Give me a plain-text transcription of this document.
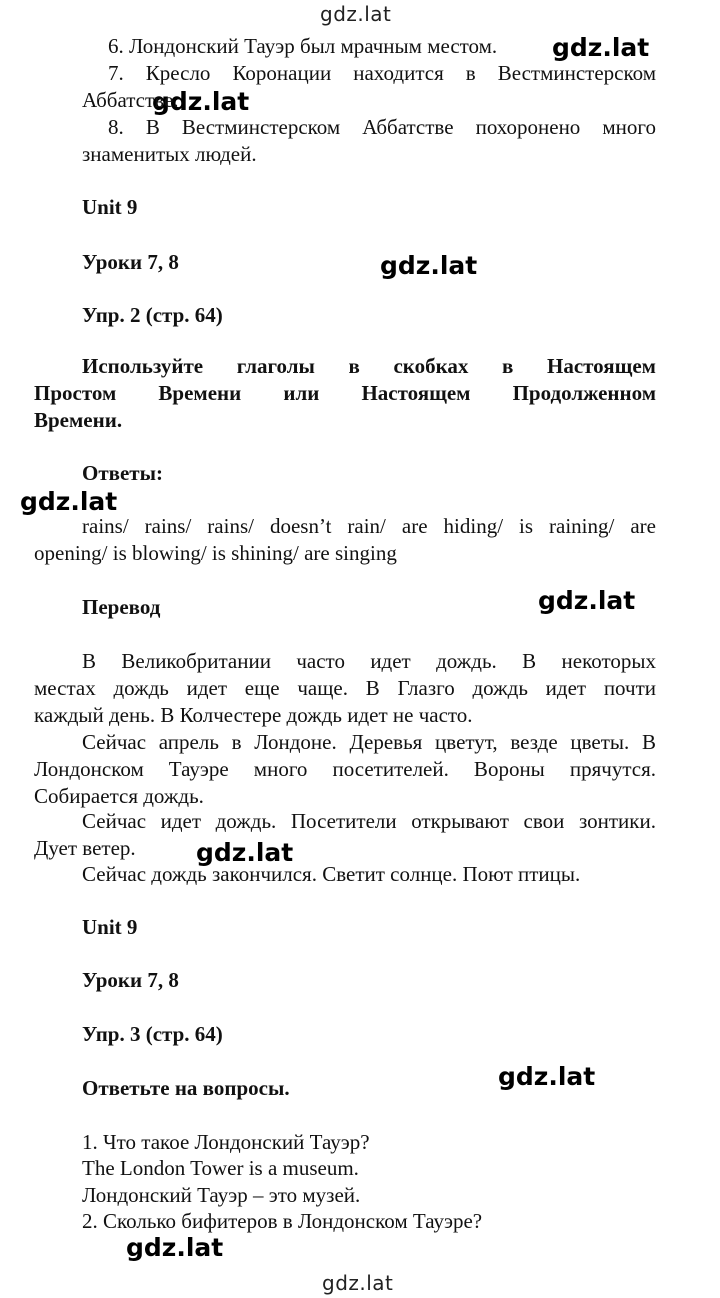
gdz.lat
gdz.lat
gdz.lat
gdz.lat
gdz.lat
gdz.lat
gdz.lat
gdz.lat
gdz.lat
gdz.lat
6. Лондонский Тауэр был мрачным местом.
7. Кресло Коронации находится в Вестминстерском
Аббатстве.
8. В Вестминстерском Аббатстве похоронено много
знаменитых людей.
Unit 9
Уроки 7, 8
Упр. 2 (стр. 64)
Используйте глаголы в скобках в Настоящем
Простом Времени или Настоящем Продолженном
Времени.
Ответы:
rains/ rains/ rains/ doesn’t rain/ are hiding/ is raining/ are
opening/ is blowing/ is shining/ are singing
Перевод
В Великобритании часто идет дождь. В некоторых
местах дождь идет еще чаще. В Глазго дождь идет почти
каждый день. В Колчестере дождь идет не часто.
Сейчас апрель в Лондоне. Деревья цветут, везде цветы. В
Лондонском Тауэре много посетителей. Вороны прячутся.
Собирается дождь.
Сейчас идет дождь. Посетители открывают свои зонтики.
Дует ветер.
Сейчас дождь закончился. Светит солнце. Поют птицы.
Unit 9
Уроки 7, 8
Упр. 3 (стр. 64)
Ответьте на вопросы.
1. Что такое Лондонский Тауэр?
The London Tower is a museum.
Лондонский Тауэр – это музей.
2. Сколько бифитеров в Лондонском Тауэре?
